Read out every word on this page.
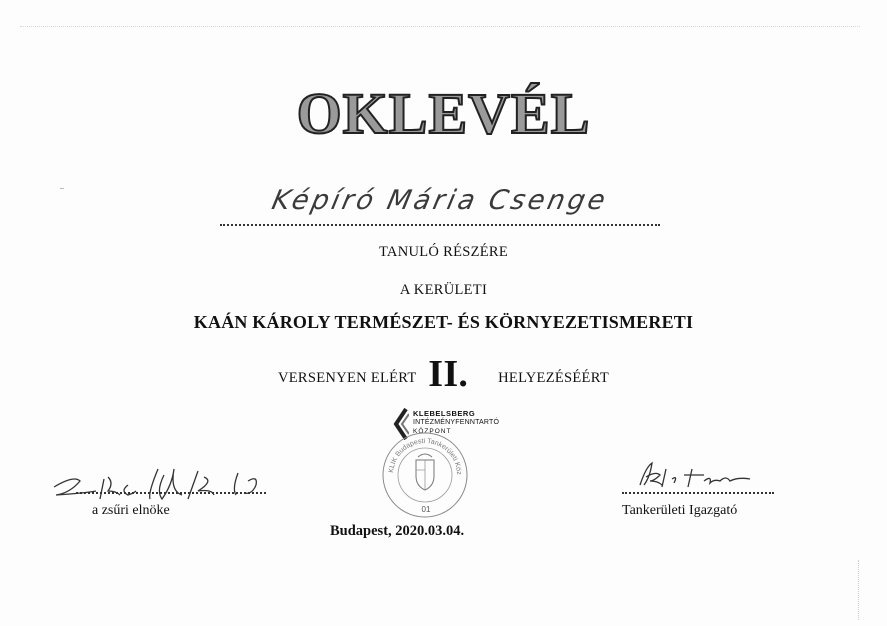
OKLEVÉL
Képíró Mária Csenge
TANULÓ RÉSZÉRE
A KERÜLETI
KAÁN KÁROLY TERMÉSZET- ÉS KÖRNYEZETISMERETI
VERSENYEN ELÉRT II. HELYEZÉSÉÉRT
KLEBELSBERG
INTÉZMÉNYFENNTARTÓ
KÖZPONT
KLIK Budapesti Tankerületi Köz
01
a zsűri elnöke	Tankerületi Igazgató
Budapest, 2020.03.04.
